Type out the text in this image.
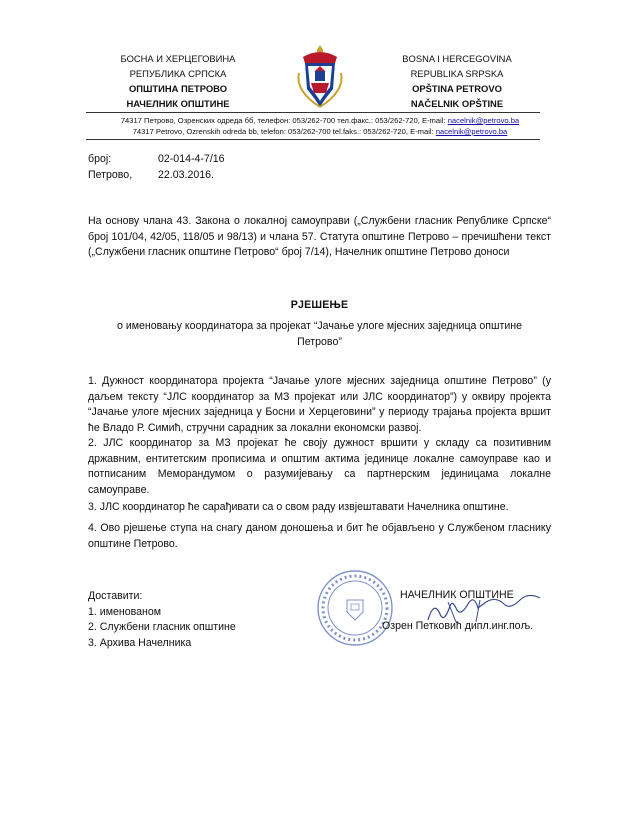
БОСНА И ХЕРЦЕГОВИНА
РЕПУБЛИКА СРПСКА
ОПШТИНА ПЕТРОВО
НАЧЕЛНИК ОПШТИНЕ
BOSNA I HERCEGOVINA
REPUBLIKA SRPSKA
OPŠTINA PETROVO
NAČELNIK OPŠTINE
74317 Петрово, Озренских одреда бб, телефон: 053/262-700 тел.факс.: 053/262-720, E-mail: nacelnik@petrovo.ba
74317 Petrovo, Ozrenskih odreda bb, telefon: 053/262-700 tel.faks.: 053/262-720, E-mail: nacelnik@petrovo.ba
број:	02-014-4-7/16
Петрово, 22.03.2016.
На основу члана 43. Закона о локалној самоуправи („Службени гласник Републике Српске“ број 101/04, 42/05, 118/05 и 98/13) и члана 57. Статута општине Петрово – пречишћени текст („Службени гласник општине Петрово“ број 7/14), Начелник општине Петрово доноси
РЈЕШЕЊЕ
о именовању координатора за пројекат “Јачање улоге мјесних заједница општине Петрово”
1. Дужност координатора пројекта “Јачање улоге мјесних заједница општине Петрово” (у даљем тексту “ЈЛС координатор за МЗ пројекат или ЈЛС координатор”) у оквиру пројекта “Јачање улоге мјесних заједница у Босни и Херцеговини” у периоду трајања пројекта вршит ће Владо Р. Симић, стручни сарадник за локални економски развој.
2. ЈЛС координатор за МЗ пројекат ће своју дужност вршити у складу са позитивним државним, ентитетским прописима и општим актима јединице локалне самоуправе као и потписаним Меморандумом о разумијевању са партнерским јединицама локалне самоуправе.
3. ЈЛС координатор ће сарађивати са о свом раду извјештавати Начелника општине.
4. Ово рјешење ступа на снагу даном доношења и бит ће објављено у Службеном гласнику општине Петрово.
Доставити:
1. именованом
2. Службени гласник општине
3. Архива Начелника
НАЧЕЛНИК ОПШТИНЕ
Озрен Петковић дипл.инг.пољ.
